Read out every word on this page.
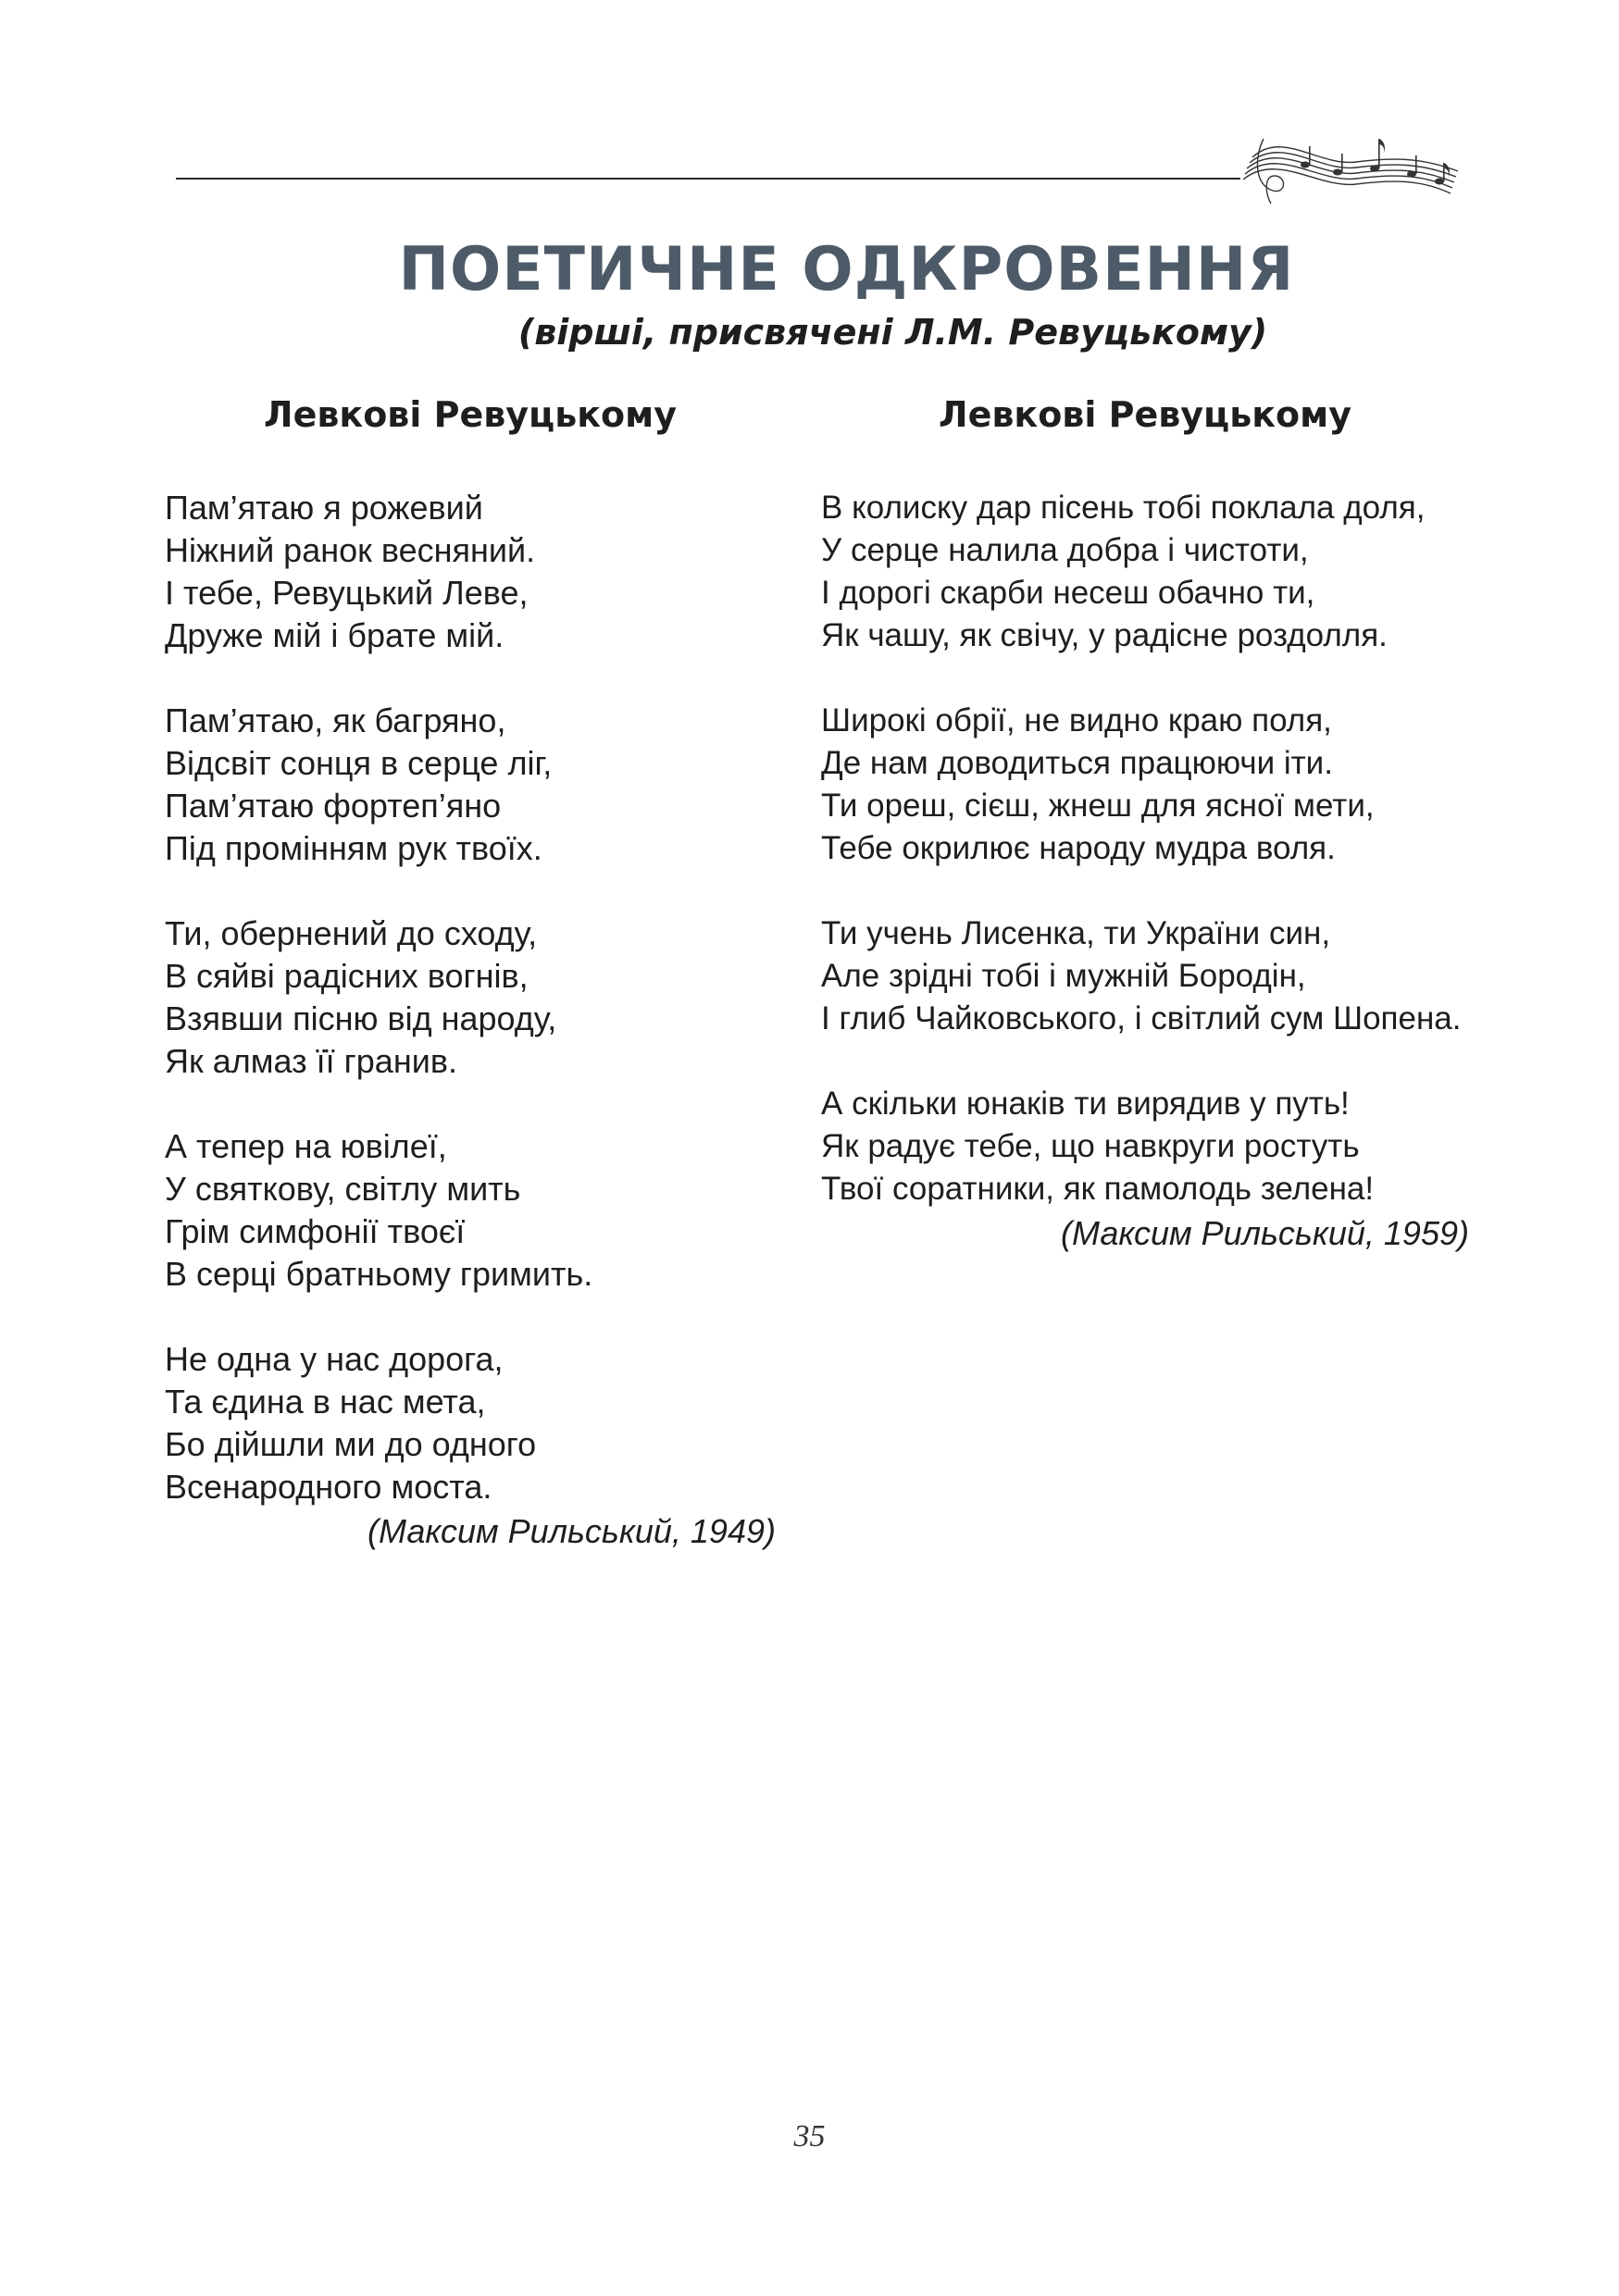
ПОЕТИЧНЕ ОДКРОВЕННЯ
(вірші, присвячені Л.М. Ревуцькому)
Левкові Ревуцькому
Пам’ятаю я рожевий
Ніжний ранок весняний.
І тебе, Ревуцький Леве,
Друже мій і брате мій.
Пам’ятаю, як багряно,
Відсвіт сонця в серце ліг,
Пам’ятаю фортеп’яно
Під промінням рук твоїх.
Ти, обернений до сходу,
В сяйві радісних вогнів,
Взявши пісню від народу,
Як алмаз її гранив.
А тепер на ювілеї,
У святкову, світлу мить
Грім симфонії твоєї
В серці братньому гримить.
Не одна у нас дорога,
Та єдина в нас мета,
Бо дійшли ми до одного
Всенародного моста.
(Максим Рильський, 1949)
Левкові Ревуцькому
В колиску дар пісень тобі поклала доля,
У серце налила добра і чистоти,
І дорогі скарби несеш обачно ти,
Як чашу, як свічу, у радісне роздолля.
Широкі обрії, не видно краю поля,
Де нам доводиться працюючи іти.
Ти ореш, сієш, жнеш для ясної мети,
Тебе окрилює народу мудра воля.
Ти учень Лисенка, ти України син,
Але зрідні тобі і мужній Бородін,
І глиб Чайковського, і світлий сум Шопена.
А скільки юнаків ти вирядив у путь!
Як радує тебе, що навкруги ростуть
Твої соратники, як памолодь зелена!
(Максим Рильський, 1959)
35
